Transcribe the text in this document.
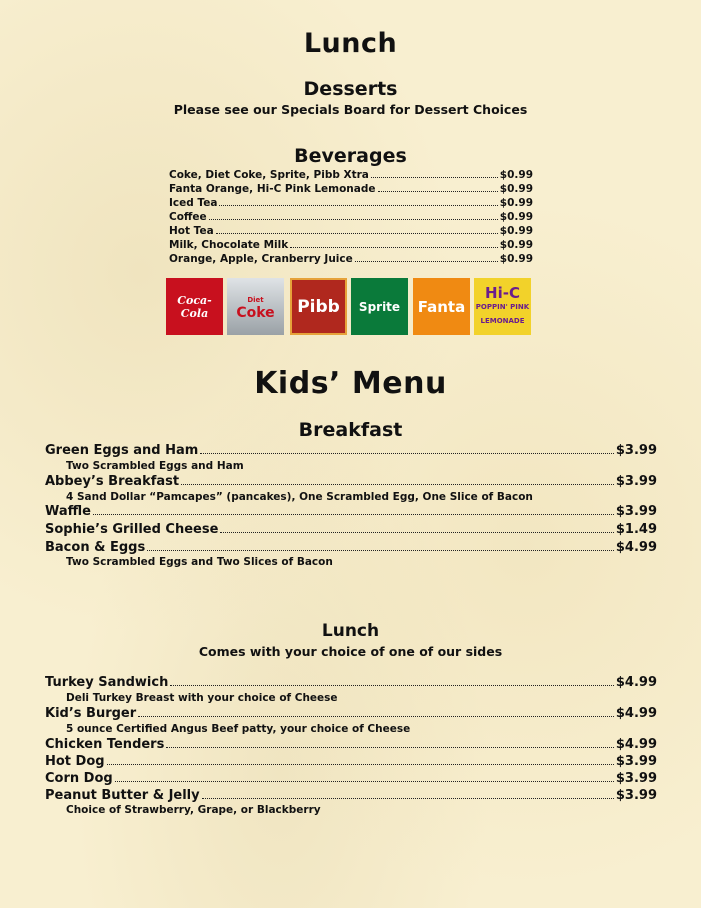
Lunch
Desserts
Please see our Specials Board for Dessert Choices
Beverages
Coke, Diet Coke, Sprite, Pibb Xtra	$0.99
Fanta Orange, Hi-C Pink Lemonade	$0.99
Iced Tea	$0.99
Coffee	$0.99
Hot Tea	$0.99
Milk, Chocolate Milk	$0.99
Orange, Apple, Cranberry Juice	$0.99
Coca-Cola
Diet
Coke Pibb Sprite Fanta
Hi-C
POPPIN' PINK LEMONADE
Kids’ Menu
Breakfast
Green Eggs and Ham	$3.99
Two Scrambled Eggs and Ham
Abbey’s Breakfast	$3.99
4 Sand Dollar “Pamcapes” (pancakes), One Scrambled Egg, One Slice of Bacon
Waffle	$3.99
Sophie’s Grilled Cheese	$1.49
Bacon & Eggs	$4.99
Two Scrambled Eggs and Two Slices of Bacon
Lunch
Comes with your choice of one of our sides
Turkey Sandwich	$4.99
Deli Turkey Breast with your choice of Cheese
Kid’s Burger	$4.99
5 ounce Certified Angus Beef patty, your choice of Cheese
Chicken Tenders	$4.99
Hot Dog	$3.99
Corn Dog	$3.99
Peanut Butter & Jelly	$3.99
Choice of Strawberry, Grape, or Blackberry
